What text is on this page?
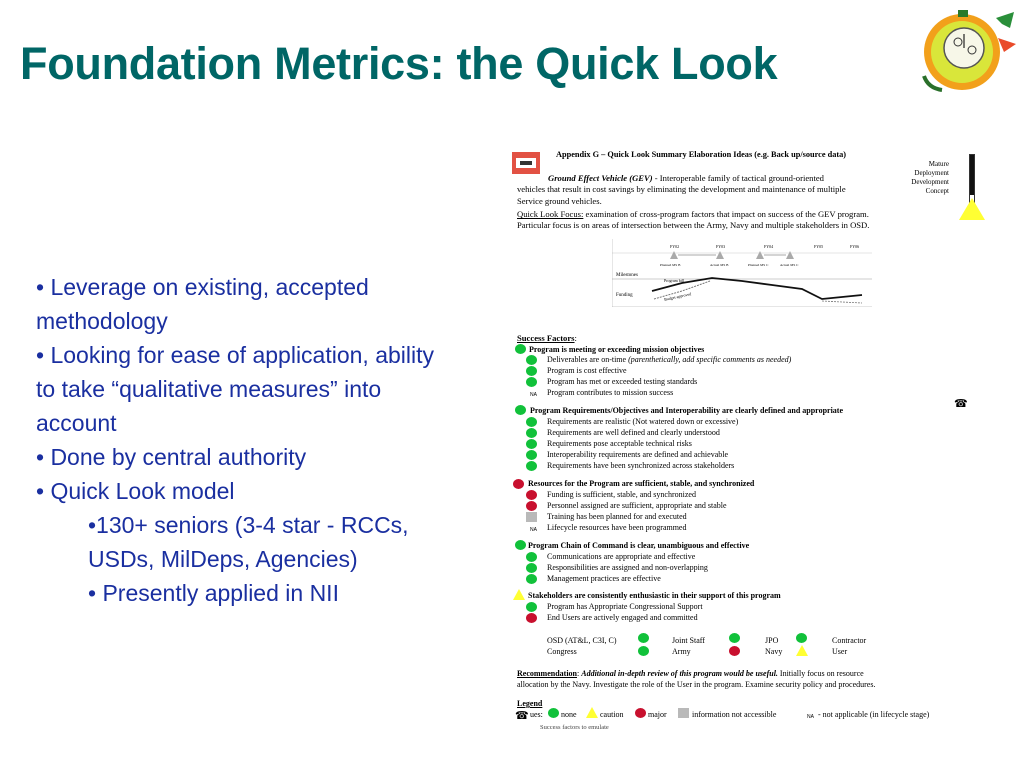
Foundation Metrics: the Quick Look

• Leverage on existing, accepted methodology

• Looking for ease of application, ability to take “qualitative measures” into account

• Done by central authority

• Quick Look model

•130+ seniors (3-4 star - RCCs, USDs, MilDeps, Agencies)

• Presently applied in NII

Appendix G – Quick Look Summary Elaboration Ideas (e.g. Back up/source data)
Mature
Deployment
Development
Concept
Ground Effect Vehicle (GEV) - Interoperable family of tactical ground-oriented
vehicles that result in cost savings by eliminating the development and maintenance of multiple
Service ground vehicles.
Quick Look Focus: examination of cross-program factors that impact on success of the GEV program.
Particular focus is on areas of intersection between the Army, Navy and multiple stakeholders in OSD.
Milestones
Funding
FY02	FY03	FY04	FY05	FY06
Planned MS B	Actual MS B	Planned MS C	Actual MS C
Program bill
Budget approved
Success Factors:
Program is meeting or exceeding mission objectives
Deliverables are on-time (parenthetically, add specific comments as needed)
Program is cost effective
Program has met or exceeded testing standards
NA Program contributes to mission success
Program Requirements/Objectives and Interoperability are clearly defined and appropriate
☎
Requirements are realistic (Not watered down or excessive)
Requirements are well defined and clearly understood
Requirements pose acceptable technical risks
Interoperability requirements are defined and achievable
Requirements have been synchronized across stakeholders
Resources for the Program are sufficient, stable, and synchronized
Funding is sufficient, stable, and synchronized
Personnel assigned are sufficient, appropriate and stable
Training has been planned for and executed
NA Lifecycle resources have been programmed
Program Chain of Command is clear, unambiguous and effective
Communications are appropriate and effective
Responsibilities are assigned and non-overlapping
Management practices are effective
Stakeholders are consistently enthusiastic in their support of this program
Program has Appropriate Congressional Support
End Users are actively engaged and committed
OSD (AT&L, C3I, C)	Joint Staff	JPO	Contractor
Congress	Army	Navy	User
Recommendation: Additional in-depth review of this program would be useful. Initially focus on resource
allocation by the Navy. Investigate the role of the User in the program. Examine security policy and procedures.
Legend
☎ ues: none	caution	major	information not accessible	NA - not applicable (in lifecycle stage)
Success factors to emulate
